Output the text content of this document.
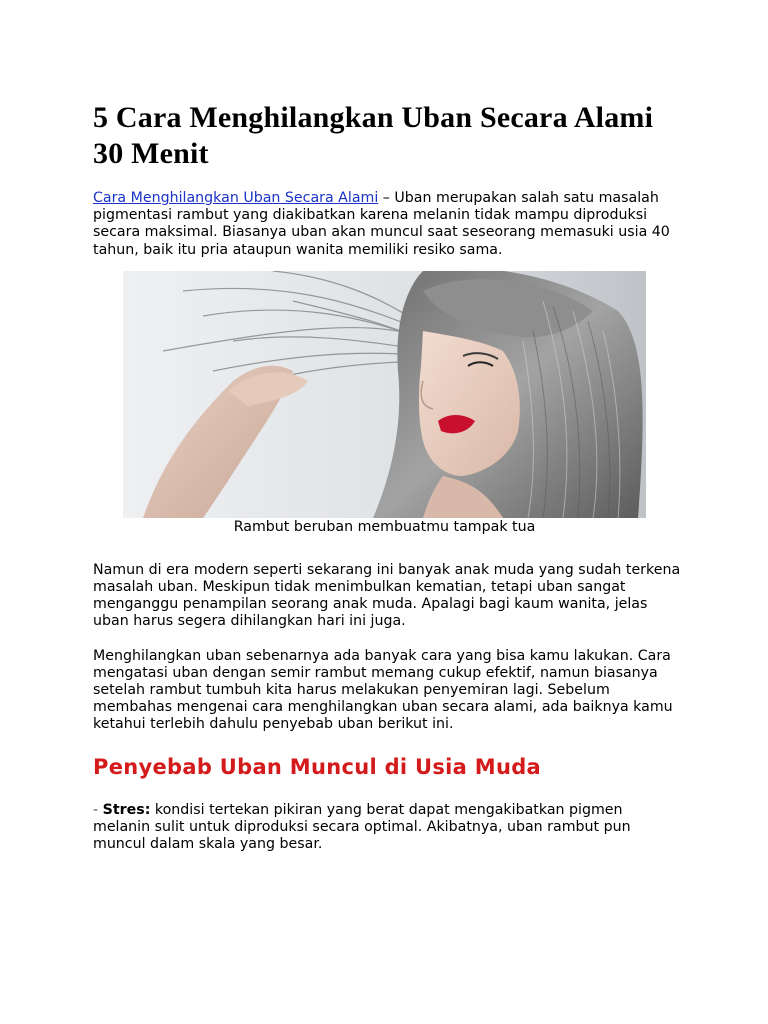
5 Cara Menghilangkan Uban Secara Alami 30 Menit

Cara Menghilangkan Uban Secara Alami – Uban merupakan salah satu masalah pigmentasi rambut yang diakibatkan karena melanin tidak mampu diproduksi secara maksimal. Biasanya uban akan muncul saat seseorang memasuki usia 40 tahun, baik itu pria ataupun wanita memiliki resiko sama.

Rambut beruban membuatmu tampak tua

Namun di era modern seperti sekarang ini banyak anak muda yang sudah terkena masalah uban. Meskipun tidak menimbulkan kematian, tetapi uban sangat menganggu penampilan seorang anak muda. Apalagi bagi kaum wanita, jelas uban harus segera dihilangkan hari ini juga.

Menghilangkan uban sebenarnya ada banyak cara yang bisa kamu lakukan. Cara mengatasi uban dengan semir rambut memang cukup efektif, namun biasanya setelah rambut tumbuh kita harus melakukan penyemiran lagi. Sebelum membahas mengenai cara menghilangkan uban secara alami, ada baiknya kamu ketahui terlebih dahulu penyebab uban berikut ini.

Penyebab Uban Muncul di Usia Muda

- Stres: kondisi tertekan pikiran yang berat dapat mengakibatkan pigmen melanin sulit untuk diproduksi secara optimal. Akibatnya, uban rambut pun muncul dalam skala yang besar.
